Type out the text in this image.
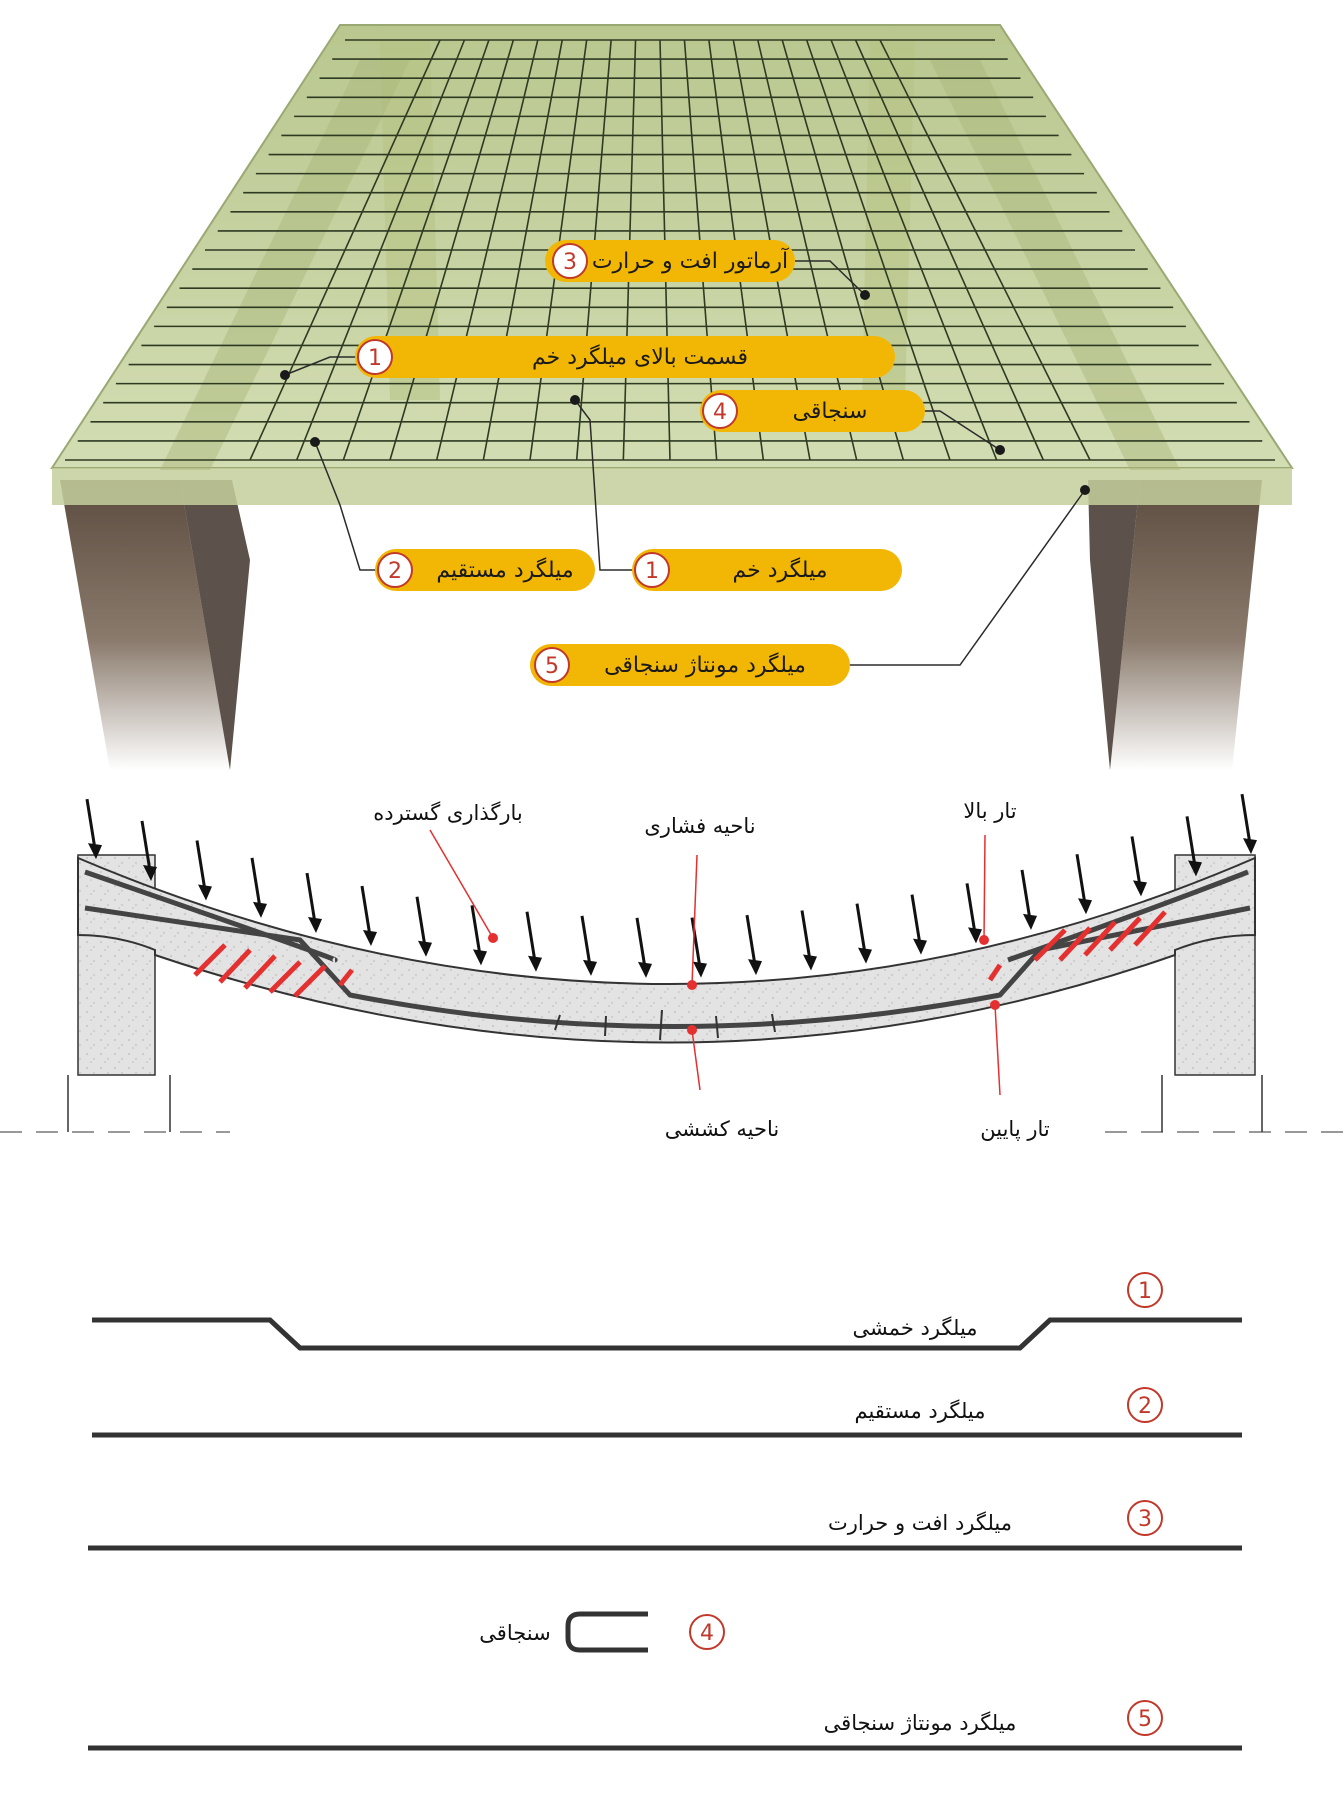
آرماتور افت و حرارت
3
قسمت بالای میلگرد خم
1
سنجاقی
4
میلگرد مستقیم
2	میلگرد خم
1
میلگرد مونتاژ سنجاقی
5
بارگذاری گسترده
ناحیه فشاری
تار بالا
ناحیه کششی	تار پایین
میلگرد خمشی
1
میلگرد مستقیم	2
میلگرد افت و حرارت	3
سنجاقی	4
میلگرد مونتاژ سنجاقی	5
